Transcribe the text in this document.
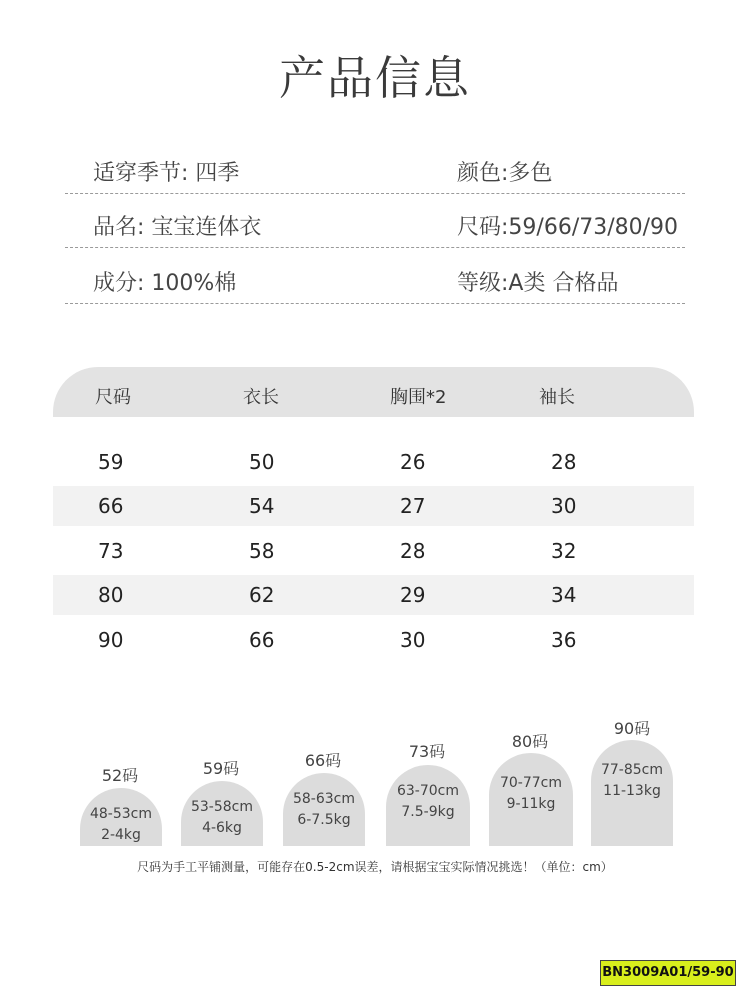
产品信息
适穿季节: 四季	颜色:多色
品名: 宝宝连体衣	尺码:59/66/73/80/90
成分: 100%棉	等级:A类 合格品
尺码	衣长	胸围*2	袖长
59	50	26	28
66	54	27	30
73	58	28	32
80	62	29	34
90	66	30	36
52码
48-53cm
2-4kg
59码
53-58cm
4-6kg
66码
58-63cm
6-7.5kg
73码
63-70cm
7.5-9kg
80码
70-77cm
9-11kg
90码
77-85cm
11-13kg
尺码为手工平铺测量，可能存在0.5-2cm误差，请根据宝宝实际情况挑选！（单位：cm）
BN3009A01/59-90
